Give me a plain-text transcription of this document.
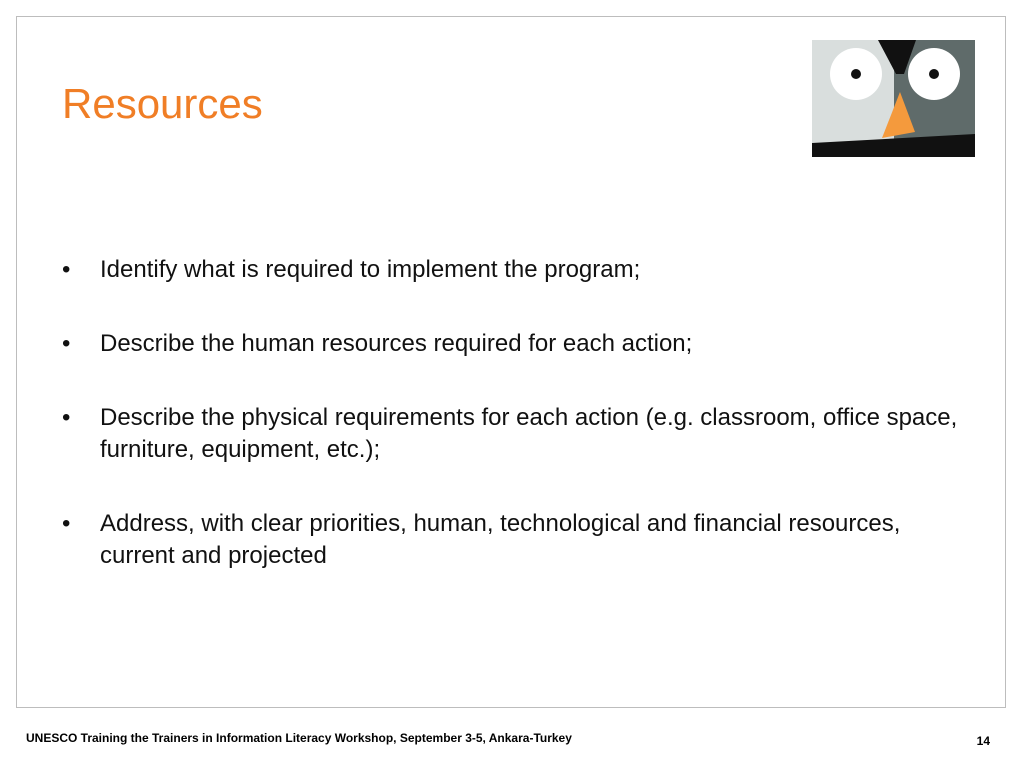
Resources
•	Identify what is required to implement the program;
•	Describe the human resources required for each action;
•	Describe the physical requirements for each action (e.g. classroom, office space, furniture, equipment, etc.);
•	Address, with clear priorities, human, technological and financial resources, current and projected
UNESCO Training the Trainers in Information Literacy Workshop, September 3-5, Ankara-Turkey	14
